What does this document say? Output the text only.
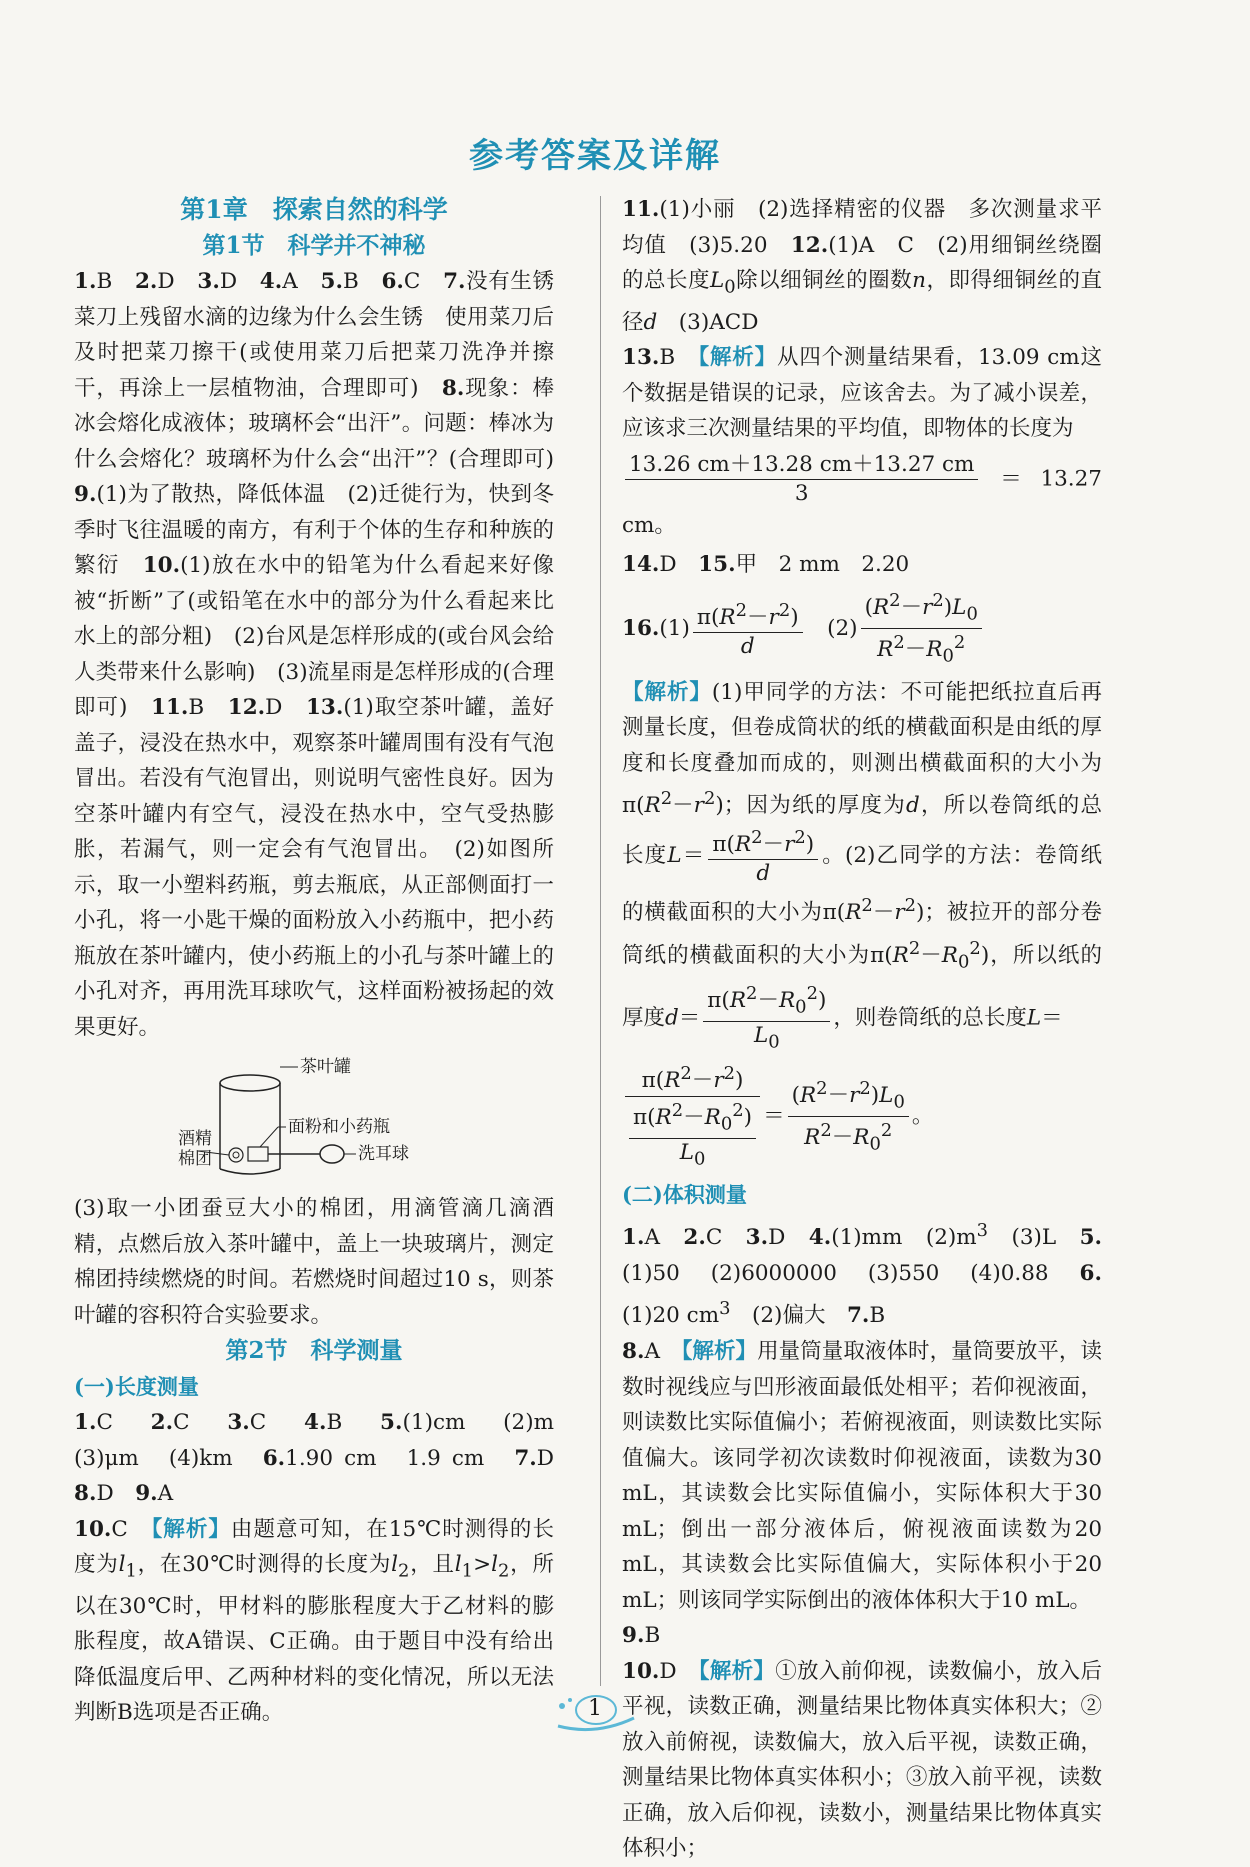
参考答案及详解
第1章　探索自然的科学
第1节　科学并不神秘
1.B　2.D　3.D　4.A　5.B　6.C　7.没有生锈　菜刀上残留水滴的边缘为什么会生锈　使用菜刀后及时把菜刀擦干(或使用菜刀后把菜刀洗净并擦干，再涂上一层植物油，合理即可)　8.现象：棒冰会熔化成液体；玻璃杯会“出汗”。问题：棒冰为什么会熔化？玻璃杯为什么会“出汗”？(合理即可)　9.(1)为了散热，降低体温　(2)迁徙行为，快到冬季时飞往温暖的南方，有利于个体的生存和种族的繁衍　10.(1)放在水中的铅笔为什么看起来好像被“折断”了(或铅笔在水中的部分为什么看起来比水上的部分粗)　(2)台风是怎样形成的(或台风会给人类带来什么影响)　(3)流星雨是怎样形成的(合理即可)　11.B　12.D　13.(1)取空茶叶罐，盖好盖子，浸没在热水中，观察茶叶罐周围有没有气泡冒出。若没有气泡冒出，则说明气密性良好。因为空茶叶罐内有空气，浸没在热水中，空气受热膨胀，若漏气，则一定会有气泡冒出。　(2)如图所示，取一小塑料药瓶，剪去瓶底，从正部侧面打一小孔，将一小匙干燥的面粉放入小药瓶中，把小药瓶放在茶叶罐内，使小药瓶上的小孔与茶叶罐上的小孔对齐，再用洗耳球吹气，这样面粉被扬起的效果更好。
茶叶罐
面粉和小药瓶
洗耳球
酒精
棉团
(3)取一小团蚕豆大小的棉团，用滴管滴几滴酒精，点燃后放入茶叶罐中，盖上一块玻璃片，测定棉团持续燃烧的时间。若燃烧时间超过10 s，则茶叶罐的容积符合实验要求。
第2节　科学测量
(一)长度测量
1.C　2.C　3.C　4.B　5.(1)cm　(2)m　(3)μm　(4)km　6.1.90 cm　1.9 cm　7.D　8.D　9.A
10.C　【解析】由题意可知，在15℃时测得的长度为$l_1$，在30℃时测得的长度为$l_2$，且$l_1>l_2$，所以在30℃时，甲材料的膨胀程度大于乙材料的膨胀程度，故A错误、C正确。由于题目中没有给出降低温度后甲、乙两种材料的变化情况，所以无法判断B选项是否正确。
11.(1)小丽　(2)选择精密的仪器　多次测量求平均值　(3)5.20　12.(1)A　C　(2)用细铜丝绕圈的总长度$L_0$除以细铜丝的圈数n，即得细铜丝的直径d　(3)ACD
13.B　【解析】从四个测量结果看，13.09 cm这个数据是错误的记录，应该舍去。为了减小误差，应该求三次测量结果的平均值，即物体的长度为
$\frac{13.26 cm+13.28 cm+13.27 cm}{3} =13.27$ cm。
14.D　15.甲　2 mm　2.20
$16.(1) \frac{\pi(R^2-r^2)}{d}$ 　$(2) \frac{(R^2-r^2)L_0}{R^2-R_0^2}$
【解析】(1)甲同学的方法：不可能把纸拉直后再测量长度，但卷成筒状的纸的横截面积是由纸的厚度和长度叠加而成的，则测出横截面积的大小为$\pi(R^2-r^2)$；因为纸的厚度为d，所以卷筒纸的总长度$L= \frac{\pi(R^2-r^2)}{d}$ 。(2)乙同学的方法：卷筒纸的横截面积的大小为$\pi(R^2-r^2)$；被拉开的部分卷筒纸的横截面积的大小为$\pi(R^2-R_0^2)$，所以纸的厚度$d= \frac{\pi(R^2-R_0^2)}{L_0}$ ，则卷筒纸的总长度L＝
$\frac{\pi(R^2-r^2)}{\frac{\pi(R^2-R_0^2)}{L_0}} = \frac{(R^2-r^2)L_0}{R^2-R_0^2}$ 。
(二)体积测量
1.A　2.C　3.D　4.(1)mm　$(2)m^3$　(3)L　5.(1)50　(2)6000000　(3)550　(4)0.88　6.(1)20 $cm^3$　(2)偏大　7.B
8.A　【解析】用量筒量取液体时，量筒要放平，读数时视线应与凹形液面最低处相平；若仰视液面，则读数比实际值偏小；若俯视液面，则读数比实际值偏大。该同学初次读数时仰视液面，读数为30 mL，其读数会比实际值偏小，实际体积大于30 mL；倒出一部分液体后，俯视液面读数为20 mL，其读数会比实际值偏大，实际体积小于20 mL；则该同学实际倒出的液体体积大于10 mL。
9.B
10.D　【解析】①放入前仰视，读数偏小，放入后平视，读数正确，测量结果比物体真实体积大；②放入前俯视，读数偏大，放入后平视，读数正确，测量结果比物体真实体积小；③放入前平视，读数正确，放入后仰视，读数小，测量结果比物体真实体积小；
1
